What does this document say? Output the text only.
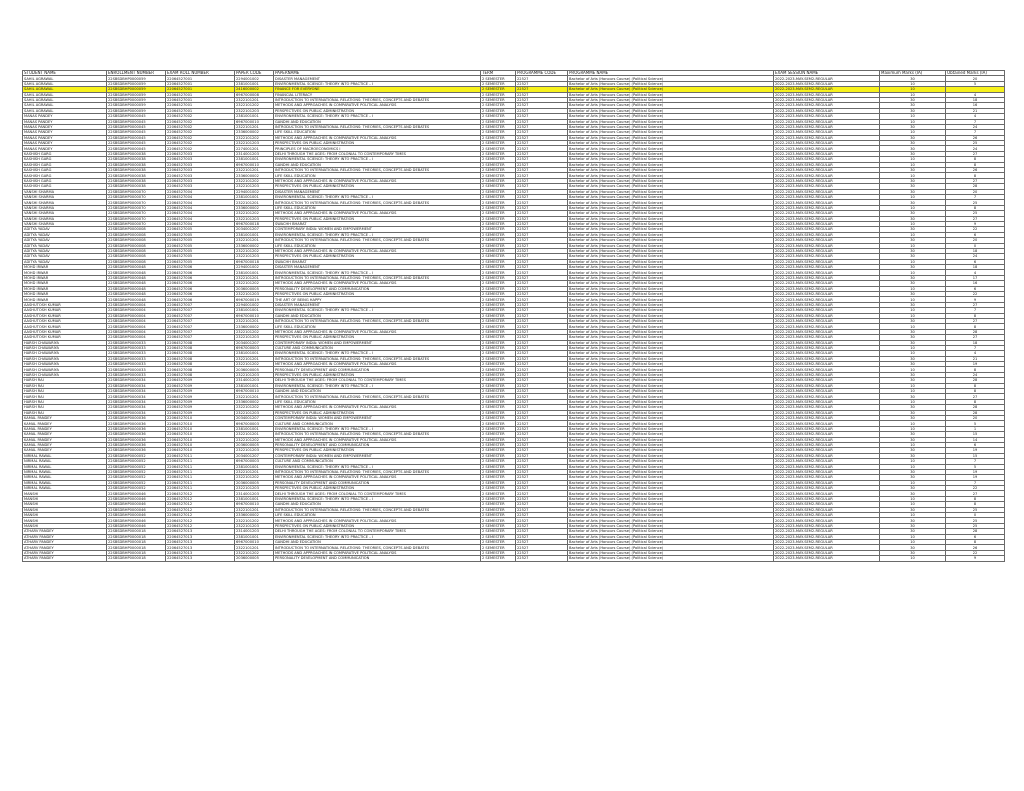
STUDENT NAME	ENROLLMENT NUMBER	EXAM ROLL NUMBER	PAPER CODE	PAPERNAME	TERM	PROGRAMME CODE	PROGRAMME NAME	EXAM SESSION NAME	Maximum Marks (IA)	Obtained Marks (IA)
SAHIL AGRAWAL	22SBSDBHP0000059	22064527001	2294001002	DISASTER MANAGEMENT	2 SEMESTER	22527	Bachelor of Arts (Honours Course) (Political Science)	2022-2023-MAY-SEM2-REGULAR	30	20
SAHIL AGRAWAL	22SBSDBHP0000059	22064527001	2381001001	ENVIRONMENTAL SCIENCE: THEORY INTO PRACTICE – I	2 SEMESTER	22527	Bachelor of Arts (Honours Course) (Political Science)	2022-2023-MAY-SEM2-REGULAR	10	5
SAHIL AGRAWAL	22SBSDBHP0000059	22064527001	2416000002	FINANCE FOR EVERYONE	2 SEMESTER	22527	Bachelor of Arts (Honours Course) (Political Science)	2022-2023-MAY-SEM2-REGULAR	10	
SAHIL AGRAWAL	22SBSDBHP0000059	22064527001	6967000008	FINANCIAL LITERACY	2 SEMESTER	22527	Bachelor of Arts (Honours Course) (Political Science)	2022-2023-MAY-SEM2-REGULAR	10	4
SAHIL AGRAWAL	22SBSDBHP0000059	22064527001	2322101201	INTRODUCTION TO INTERNATIONAL RELATIONS: THEORIES, CONCEPTS AND DEBATES	2 SEMESTER	22527	Bachelor of Arts (Honours Course) (Political Science)	2022-2023-MAY-SEM2-REGULAR	30	18
SAHIL AGRAWAL	22SBSDBHP0000059	22064527001	2322101202	METHODS AND APPROACHES IN COMPARATIVE POLITICAL ANALYSIS	2 SEMESTER	22527	Bachelor of Arts (Honours Course) (Political Science)	2022-2023-MAY-SEM2-REGULAR	30	16
SAHIL AGRAWAL	22SBSDBHP0000059	22064527001	2322101203	PERSPECTIVES ON PUBLIC ADMINISTRATION	2 SEMESTER	22527	Bachelor of Arts (Honours Course) (Political Science)	2022-2023-MAY-SEM2-REGULAR	30	21
MANAS PANDEY	22SBSDBHP0000045	22064527002	2381001001	ENVIRONMENTAL SCIENCE: THEORY INTO PRACTICE – I	2 SEMESTER	22527	Bachelor of Arts (Honours Course) (Political Science)	2022-2023-MAY-SEM2-REGULAR	10	4
MANAS PANDEY	22SBSDBHP0000045	22064527002	6967000010	GANDHI AND EDUCATION	2 SEMESTER	22527	Bachelor of Arts (Honours Course) (Political Science)	2022-2023-MAY-SEM2-REGULAR	10	7
MANAS PANDEY	22SBSDBHP0000045	22064527002	2322101201	INTRODUCTION TO INTERNATIONAL RELATIONS: THEORIES, CONCEPTS AND DEBATES	2 SEMESTER	22527	Bachelor of Arts (Honours Course) (Political Science)	2022-2023-MAY-SEM2-REGULAR	30	24
MANAS PANDEY	22SBSDBHP0000045	22064527002	2336000002	LIFE SKILL EDUCATION	2 SEMESTER	22527	Bachelor of Arts (Honours Course) (Political Science)	2022-2023-MAY-SEM2-REGULAR	10	7
MANAS PANDEY	22SBSDBHP0000045	22064527002	2322101202	METHODS AND APPROACHES IN COMPARATIVE POLITICAL ANALYSIS	2 SEMESTER	22527	Bachelor of Arts (Honours Course) (Political Science)	2022-2023-MAY-SEM2-REGULAR	30	26
MANAS PANDEY	22SBSDBHP0000045	22064527002	2322101203	PERSPECTIVES ON PUBLIC ADMINISTRATION	2 SEMESTER	22527	Bachelor of Arts (Honours Course) (Political Science)	2022-2023-MAY-SEM2-REGULAR	30	25
MANAS PANDEY	22SBSDBHP0000045	22064527002	2274001201	PRINCIPLES OF MACROECONOMICS I	2 SEMESTER	22527	Bachelor of Arts (Honours Course) (Political Science)	2022-2023-MAY-SEM2-REGULAR	30	24
KASHISH GARG	22SBSDBHP0000038	22064527003	2314001203	DELHI THROUGH THE AGES: FROM COLONIAL TO CONTEMPORARY TIMES	2 SEMESTER	22527	Bachelor of Arts (Honours Course) (Political Science)	2022-2023-MAY-SEM2-REGULAR	30	27
KASHISH GARG	22SBSDBHP0000038	22064527003	2381001001	ENVIRONMENTAL SCIENCE: THEORY INTO PRACTICE – I	2 SEMESTER	22527	Bachelor of Arts (Honours Course) (Political Science)	2022-2023-MAY-SEM2-REGULAR	10	8
KASHISH GARG	22SBSDBHP0000038	22064527003	6967000010	GANDHI AND EDUCATION	2 SEMESTER	22527	Bachelor of Arts (Honours Course) (Political Science)	2022-2023-MAY-SEM2-REGULAR	10	8
KASHISH GARG	22SBSDBHP0000038	22064527003	2322101201	INTRODUCTION TO INTERNATIONAL RELATIONS: THEORIES, CONCEPTS AND DEBATES	2 SEMESTER	22527	Bachelor of Arts (Honours Course) (Political Science)	2022-2023-MAY-SEM2-REGULAR	30	26
KASHISH GARG	22SBSDBHP0000038	22064527003	2336000002	LIFE SKILL EDUCATION	2 SEMESTER	22527	Bachelor of Arts (Honours Course) (Political Science)	2022-2023-MAY-SEM2-REGULAR	10	8
KASHISH GARG	22SBSDBHP0000038	22064527003	2322101202	METHODS AND APPROACHES IN COMPARATIVE POLITICAL ANALYSIS	2 SEMESTER	22527	Bachelor of Arts (Honours Course) (Political Science)	2022-2023-MAY-SEM2-REGULAR	30	27
KASHISH GARG	22SBSDBHP0000038	22064527003	2322101203	PERSPECTIVES ON PUBLIC ADMINISTRATION	2 SEMESTER	22527	Bachelor of Arts (Honours Course) (Political Science)	2022-2023-MAY-SEM2-REGULAR	30	28
VANSHI SHARMA	22SBSDBHP0000070	22064527004	2294001002	DISASTER MANAGEMENT	2 SEMESTER	22527	Bachelor of Arts (Honours Course) (Political Science)	2022-2023-MAY-SEM2-REGULAR	30	20
VANSHI SHARMA	22SBSDBHP0000070	22064527004	2381001001	ENVIRONMENTAL SCIENCE: THEORY INTO PRACTICE – I	2 SEMESTER	22527	Bachelor of Arts (Honours Course) (Political Science)	2022-2023-MAY-SEM2-REGULAR	10	7
VANSHI SHARMA	22SBSDBHP0000070	22064527004	2322101201	INTRODUCTION TO INTERNATIONAL RELATIONS: THEORIES, CONCEPTS AND DEBATES	2 SEMESTER	22527	Bachelor of Arts (Honours Course) (Political Science)	2022-2023-MAY-SEM2-REGULAR	30	25
VANSHI SHARMA	22SBSDBHP0000070	22064527004	2336000002	LIFE SKILL EDUCATION	2 SEMESTER	22527	Bachelor of Arts (Honours Course) (Political Science)	2022-2023-MAY-SEM2-REGULAR	10	8
VANSHI SHARMA	22SBSDBHP0000070	22064527004	2322101202	METHODS AND APPROACHES IN COMPARATIVE POLITICAL ANALYSIS	2 SEMESTER	22527	Bachelor of Arts (Honours Course) (Political Science)	2022-2023-MAY-SEM2-REGULAR	30	25
VANSHI SHARMA	22SBSDBHP0000070	22064527004	2322101203	PERSPECTIVES ON PUBLIC ADMINISTRATION	2 SEMESTER	22527	Bachelor of Arts (Honours Course) (Political Science)	2022-2023-MAY-SEM2-REGULAR	30	27
VANSHI SHARMA	22SBSDBHP0000070	22064527004	6967000018	SWACHH BHARAT	2 SEMESTER	22527	Bachelor of Arts (Honours Course) (Political Science)	2022-2023-MAY-SEM2-REGULAR	10	9
ADITYA YADAV	22SBSDBHP0000008	22064527005	2034001207	CONTEMPORARY INDIA: WOMEN AND EMPOWERMENT	2 SEMESTER	22527	Bachelor of Arts (Honours Course) (Political Science)	2022-2023-MAY-SEM2-REGULAR	30	22
ADITYA YADAV	22SBSDBHP0000008	22064527005	2381001001	ENVIRONMENTAL SCIENCE: THEORY INTO PRACTICE – I	2 SEMESTER	22527	Bachelor of Arts (Honours Course) (Political Science)	2022-2023-MAY-SEM2-REGULAR	10	6
ADITYA YADAV	22SBSDBHP0000008	22064527005	2322101201	INTRODUCTION TO INTERNATIONAL RELATIONS: THEORIES, CONCEPTS AND DEBATES	2 SEMESTER	22527	Bachelor of Arts (Honours Course) (Political Science)	2022-2023-MAY-SEM2-REGULAR	30	20
ADITYA YADAV	22SBSDBHP0000008	22064527005	2336000002	LIFE SKILL EDUCATION	2 SEMESTER	22527	Bachelor of Arts (Honours Course) (Political Science)	2022-2023-MAY-SEM2-REGULAR	10	0
ADITYA YADAV	22SBSDBHP0000008	22064527005	2322101202	METHODS AND APPROACHES IN COMPARATIVE POLITICAL ANALYSIS	2 SEMESTER	22527	Bachelor of Arts (Honours Course) (Political Science)	2022-2023-MAY-SEM2-REGULAR	30	18
ADITYA YADAV	22SBSDBHP0000008	22064527005	2322101203	PERSPECTIVES ON PUBLIC ADMINISTRATION	2 SEMESTER	22527	Bachelor of Arts (Honours Course) (Political Science)	2022-2023-MAY-SEM2-REGULAR	30	24
ADITYA YADAV	22SBSDBHP0000008	22064527005	6967000018	SWACHH BHARAT	2 SEMESTER	22527	Bachelor of Arts (Honours Course) (Political Science)	2022-2023-MAY-SEM2-REGULAR	10	6
MOHD IRWAR	22SBSDBHP0000048	22064527006	2294001002	DISASTER MANAGEMENT	2 SEMESTER	22527	Bachelor of Arts (Honours Course) (Political Science)	2022-2023-MAY-SEM2-REGULAR	30	18
MOHD IRWAR	22SBSDBHP0000048	22064527006	2381001001	ENVIRONMENTAL SCIENCE: THEORY INTO PRACTICE – I	2 SEMESTER	22527	Bachelor of Arts (Honours Course) (Political Science)	2022-2023-MAY-SEM2-REGULAR	10	4
MOHD IRWAR	22SBSDBHP0000048	22064527006	2322101201	INTRODUCTION TO INTERNATIONAL RELATIONS: THEORIES, CONCEPTS AND DEBATES	2 SEMESTER	22527	Bachelor of Arts (Honours Course) (Political Science)	2022-2023-MAY-SEM2-REGULAR	30	17
MOHD IRWAR	22SBSDBHP0000048	22064527006	2322101202	METHODS AND APPROACHES IN COMPARATIVE POLITICAL ANALYSIS	2 SEMESTER	22527	Bachelor of Arts (Honours Course) (Political Science)	2022-2023-MAY-SEM2-REGULAR	30	16
MOHD IRWAR	22SBSDBHP0000048	22064527006	2036000005	PERSONALITY DEVELOPMENT AND COMMUNICATION	2 SEMESTER	22527	Bachelor of Arts (Honours Course) (Political Science)	2022-2023-MAY-SEM2-REGULAR	10	6
MOHD IRWAR	22SBSDBHP0000048	22064527006	2322101203	PERSPECTIVES ON PUBLIC ADMINISTRATION	2 SEMESTER	22527	Bachelor of Arts (Honours Course) (Political Science)	2022-2023-MAY-SEM2-REGULAR	30	22
MOHD IRWAR	22SBSDBHP0000048	22064527006	6967000019	THE ART OF BEING HAPPY	2 SEMESTER	22527	Bachelor of Arts (Honours Course) (Political Science)	2022-2023-MAY-SEM2-REGULAR	10	9
AASHUTOSH KUMAR	22SBSDBHP0000004	22064527007	2294001002	DISASTER MANAGEMENT	2 SEMESTER	22527	Bachelor of Arts (Honours Course) (Political Science)	2022-2023-MAY-SEM2-REGULAR	30	27
AASHUTOSH KUMAR	22SBSDBHP0000004	22064527007	2381001001	ENVIRONMENTAL SCIENCE: THEORY INTO PRACTICE – I	2 SEMESTER	22527	Bachelor of Arts (Honours Course) (Political Science)	2022-2023-MAY-SEM2-REGULAR	10	7
AASHUTOSH KUMAR	22SBSDBHP0000004	22064527007	6967000010	GANDHI AND EDUCATION	2 SEMESTER	22527	Bachelor of Arts (Honours Course) (Political Science)	2022-2023-MAY-SEM2-REGULAR	10	8
AASHUTOSH KUMAR	22SBSDBHP0000004	22064527007	2322101201	INTRODUCTION TO INTERNATIONAL RELATIONS: THEORIES, CONCEPTS AND DEBATES	2 SEMESTER	22527	Bachelor of Arts (Honours Course) (Political Science)	2022-2023-MAY-SEM2-REGULAR	30	27
AASHUTOSH KUMAR	22SBSDBHP0000004	22064527007	2336000002	LIFE SKILL EDUCATION	2 SEMESTER	22527	Bachelor of Arts (Honours Course) (Political Science)	2022-2023-MAY-SEM2-REGULAR	10	8
AASHUTOSH KUMAR	22SBSDBHP0000004	22064527007	2322101202	METHODS AND APPROACHES IN COMPARATIVE POLITICAL ANALYSIS	2 SEMESTER	22527	Bachelor of Arts (Honours Course) (Political Science)	2022-2023-MAY-SEM2-REGULAR	30	28
AASHUTOSH KUMAR	22SBSDBHP0000004	22064527007	2322101203	PERSPECTIVES ON PUBLIC ADMINISTRATION	2 SEMESTER	22527	Bachelor of Arts (Honours Course) (Political Science)	2022-2023-MAY-SEM2-REGULAR	30	27
HARSH CHAWARIYA	22SBSDBHP0000033	22064527008	2034001207	CONTEMPORARY INDIA: WOMEN AND EMPOWERMENT	2 SEMESTER	22527	Bachelor of Arts (Honours Course) (Political Science)	2022-2023-MAY-SEM2-REGULAR	30	18
HARSH CHAWARIYA	22SBSDBHP0000033	22064527008	6967000003	CULTURE AND COMMUNICATION	2 SEMESTER	22527	Bachelor of Arts (Honours Course) (Political Science)	2022-2023-MAY-SEM2-REGULAR	10	7
HARSH CHAWARIYA	22SBSDBHP0000033	22064527008	2381001001	ENVIRONMENTAL SCIENCE: THEORY INTO PRACTICE – I	2 SEMESTER	22527	Bachelor of Arts (Honours Course) (Political Science)	2022-2023-MAY-SEM2-REGULAR	10	4
HARSH CHAWARIYA	22SBSDBHP0000033	22064527008	2322101201	INTRODUCTION TO INTERNATIONAL RELATIONS: THEORIES, CONCEPTS AND DEBATES	2 SEMESTER	22527	Bachelor of Arts (Honours Course) (Political Science)	2022-2023-MAY-SEM2-REGULAR	30	21
HARSH CHAWARIYA	22SBSDBHP0000033	22064527008	2322101202	METHODS AND APPROACHES IN COMPARATIVE POLITICAL ANALYSIS	2 SEMESTER	22527	Bachelor of Arts (Honours Course) (Political Science)	2022-2023-MAY-SEM2-REGULAR	30	19
HARSH CHAWARIYA	22SBSDBHP0000033	22064527008	2036000005	PERSONALITY DEVELOPMENT AND COMMUNICATION	2 SEMESTER	22527	Bachelor of Arts (Honours Course) (Political Science)	2022-2023-MAY-SEM2-REGULAR	10	8
HARSH CHAWARIYA	22SBSDBHP0000033	22064527008	2322101203	PERSPECTIVES ON PUBLIC ADMINISTRATION	2 SEMESTER	22527	Bachelor of Arts (Honours Course) (Political Science)	2022-2023-MAY-SEM2-REGULAR	30	24
HARSH RAI	22SBSDBHP0000034	22064527009	2314001203	DELHI THROUGH THE AGES: FROM COLONIAL TO CONTEMPORARY TIMES	2 SEMESTER	22527	Bachelor of Arts (Honours Course) (Political Science)	2022-2023-MAY-SEM2-REGULAR	30	28
HARSH RAI	22SBSDBHP0000034	22064527009	2381001001	ENVIRONMENTAL SCIENCE: THEORY INTO PRACTICE – I	2 SEMESTER	22527	Bachelor of Arts (Honours Course) (Political Science)	2022-2023-MAY-SEM2-REGULAR	10	8
HARSH RAI	22SBSDBHP0000034	22064527009	6967000010	GANDHI AND EDUCATION	2 SEMESTER	22527	Bachelor of Arts (Honours Course) (Political Science)	2022-2023-MAY-SEM2-REGULAR	10	8
HARSH RAI	22SBSDBHP0000034	22064527009	2322101201	INTRODUCTION TO INTERNATIONAL RELATIONS: THEORIES, CONCEPTS AND DEBATES	2 SEMESTER	22527	Bachelor of Arts (Honours Course) (Political Science)	2022-2023-MAY-SEM2-REGULAR	30	27
HARSH RAI	22SBSDBHP0000034	22064527009	2336000002	LIFE SKILL EDUCATION	2 SEMESTER	22527	Bachelor of Arts (Honours Course) (Political Science)	2022-2023-MAY-SEM2-REGULAR	10	8
HARSH RAI	22SBSDBHP0000034	22064527009	2322101202	METHODS AND APPROACHES IN COMPARATIVE POLITICAL ANALYSIS	2 SEMESTER	22527	Bachelor of Arts (Honours Course) (Political Science)	2022-2023-MAY-SEM2-REGULAR	30	28
HARSH RAI	22SBSDBHP0000034	22064527009	2322101203	PERSPECTIVES ON PUBLIC ADMINISTRATION	2 SEMESTER	22527	Bachelor of Arts (Honours Course) (Political Science)	2022-2023-MAY-SEM2-REGULAR	30	28
KAMAL PANDEY	22SBSDBHP0000036	22064527010	2034001207	CONTEMPORARY INDIA: WOMEN AND EMPOWERMENT	2 SEMESTER	22527	Bachelor of Arts (Honours Course) (Political Science)	2022-2023-MAY-SEM2-REGULAR	30	20
KAMAL PANDEY	22SBSDBHP0000036	22064527010	6967000003	CULTURE AND COMMUNICATION	2 SEMESTER	22527	Bachelor of Arts (Honours Course) (Political Science)	2022-2023-MAY-SEM2-REGULAR	10	5
KAMAL PANDEY	22SBSDBHP0000036	22064527010	2381001001	ENVIRONMENTAL SCIENCE: THEORY INTO PRACTICE – I	2 SEMESTER	22527	Bachelor of Arts (Honours Course) (Political Science)	2022-2023-MAY-SEM2-REGULAR	10	1
KAMAL PANDEY	22SBSDBHP0000036	22064527010	2322101201	INTRODUCTION TO INTERNATIONAL RELATIONS: THEORIES, CONCEPTS AND DEBATES	2 SEMESTER	22527	Bachelor of Arts (Honours Course) (Political Science)	2022-2023-MAY-SEM2-REGULAR	30	15
KAMAL PANDEY	22SBSDBHP0000036	22064527010	2322101202	METHODS AND APPROACHES IN COMPARATIVE POLITICAL ANALYSIS	2 SEMESTER	22527	Bachelor of Arts (Honours Course) (Political Science)	2022-2023-MAY-SEM2-REGULAR	30	14
KAMAL PANDEY	22SBSDBHP0000036	22064527010	2036000005	PERSONALITY DEVELOPMENT AND COMMUNICATION	2 SEMESTER	22527	Bachelor of Arts (Honours Course) (Political Science)	2022-2023-MAY-SEM2-REGULAR	10	6
KAMAL PANDEY	22SBSDBHP0000036	22064527010	2322101203	PERSPECTIVES ON PUBLIC ADMINISTRATION	2 SEMESTER	22527	Bachelor of Arts (Honours Course) (Political Science)	2022-2023-MAY-SEM2-REGULAR	30	19
NIRMAL RAWAL	22SBSDBHP0000052	22064527011	2034001207	CONTEMPORARY INDIA: WOMEN AND EMPOWERMENT	2 SEMESTER	22527	Bachelor of Arts (Honours Course) (Political Science)	2022-2023-MAY-SEM2-REGULAR	30	15
NIRMAL RAWAL	22SBSDBHP0000052	22064527011	6967000003	CULTURE AND COMMUNICATION	2 SEMESTER	22527	Bachelor of Arts (Honours Course) (Political Science)	2022-2023-MAY-SEM2-REGULAR	10	7
NIRMAL RAWAL	22SBSDBHP0000052	22064527011	2381001001	ENVIRONMENTAL SCIENCE: THEORY INTO PRACTICE – I	2 SEMESTER	22527	Bachelor of Arts (Honours Course) (Political Science)	2022-2023-MAY-SEM2-REGULAR	10	5
NIRMAL RAWAL	22SBSDBHP0000052	22064527011	2322101201	INTRODUCTION TO INTERNATIONAL RELATIONS: THEORIES, CONCEPTS AND DEBATES	2 SEMESTER	22527	Bachelor of Arts (Honours Course) (Political Science)	2022-2023-MAY-SEM2-REGULAR	30	19
NIRMAL RAWAL	22SBSDBHP0000052	22064527011	2322101202	METHODS AND APPROACHES IN COMPARATIVE POLITICAL ANALYSIS	2 SEMESTER	22527	Bachelor of Arts (Honours Course) (Political Science)	2022-2023-MAY-SEM2-REGULAR	30	19
NIRMAL RAWAL	22SBSDBHP0000052	22064527011	2036000005	PERSONALITY DEVELOPMENT AND COMMUNICATION	2 SEMESTER	22527	Bachelor of Arts (Honours Course) (Political Science)	2022-2023-MAY-SEM2-REGULAR	10	7
NIRMAL RAWAL	22SBSDBHP0000052	22064527011	2322101203	PERSPECTIVES ON PUBLIC ADMINISTRATION	2 SEMESTER	22527	Bachelor of Arts (Honours Course) (Political Science)	2022-2023-MAY-SEM2-REGULAR	30	22
MANSHI	22SBSDBHP0000046	22064527012	2314001203	DELHI THROUGH THE AGES: FROM COLONIAL TO CONTEMPORARY TIMES	2 SEMESTER	22527	Bachelor of Arts (Honours Course) (Political Science)	2022-2023-MAY-SEM2-REGULAR	30	27
MANSHI	22SBSDBHP0000046	22064527012	2381001001	ENVIRONMENTAL SCIENCE: THEORY INTO PRACTICE – I	2 SEMESTER	22527	Bachelor of Arts (Honours Course) (Political Science)	2022-2023-MAY-SEM2-REGULAR	10	8
MANSHI	22SBSDBHP0000046	22064527012	6967000010	GANDHI AND EDUCATION	2 SEMESTER	22527	Bachelor of Arts (Honours Course) (Political Science)	2022-2023-MAY-SEM2-REGULAR	10	8
MANSHI	22SBSDBHP0000046	22064527012	2322101201	INTRODUCTION TO INTERNATIONAL RELATIONS: THEORIES, CONCEPTS AND DEBATES	2 SEMESTER	22527	Bachelor of Arts (Honours Course) (Political Science)	2022-2023-MAY-SEM2-REGULAR	30	25
MANSHI	22SBSDBHP0000046	22064527012	2336000002	LIFE SKILL EDUCATION	2 SEMESTER	22527	Bachelor of Arts (Honours Course) (Political Science)	2022-2023-MAY-SEM2-REGULAR	10	0
MANSHI	22SBSDBHP0000046	22064527012	2322101202	METHODS AND APPROACHES IN COMPARATIVE POLITICAL ANALYSIS	2 SEMESTER	22527	Bachelor of Arts (Honours Course) (Political Science)	2022-2023-MAY-SEM2-REGULAR	30	25
MANSHI	22SBSDBHP0000046	22064527012	2322101203	PERSPECTIVES ON PUBLIC ADMINISTRATION	2 SEMESTER	22527	Bachelor of Arts (Honours Course) (Political Science)	2022-2023-MAY-SEM2-REGULAR	30	25
ATHARV PANDEY	22SBSDBHP0000018	22064527013	2314001203	DELHI THROUGH THE AGES: FROM COLONIAL TO CONTEMPORARY TIMES	2 SEMESTER	22527	Bachelor of Arts (Honours Course) (Political Science)	2022-2023-MAY-SEM2-REGULAR	30	28
ATHARV PANDEY	22SBSDBHP0000018	22064527013	2381001001	ENVIRONMENTAL SCIENCE: THEORY INTO PRACTICE – I	2 SEMESTER	22527	Bachelor of Arts (Honours Course) (Political Science)	2022-2023-MAY-SEM2-REGULAR	10	6
ATHARV PANDEY	22SBSDBHP0000018	22064527013	6967000010	GANDHI AND EDUCATION	2 SEMESTER	22527	Bachelor of Arts (Honours Course) (Political Science)	2022-2023-MAY-SEM2-REGULAR	10	8
ATHARV PANDEY	22SBSDBHP0000018	22064527013	2322101201	INTRODUCTION TO INTERNATIONAL RELATIONS: THEORIES, CONCEPTS AND DEBATES	2 SEMESTER	22527	Bachelor of Arts (Honours Course) (Political Science)	2022-2023-MAY-SEM2-REGULAR	30	26
ATHARV PANDEY	22SBSDBHP0000018	22064527013	2322101202	METHODS AND APPROACHES IN COMPARATIVE POLITICAL ANALYSIS	2 SEMESTER	22527	Bachelor of Arts (Honours Course) (Political Science)	2022-2023-MAY-SEM2-REGULAR	30	22
ATHARV PANDEY	22SBSDBHP0000018	22064527013	2036000005	PERSONALITY DEVELOPMENT AND COMMUNICATION	2 SEMESTER	22527	Bachelor of Arts (Honours Course) (Political Science)	2022-2023-MAY-SEM2-REGULAR	10	9
